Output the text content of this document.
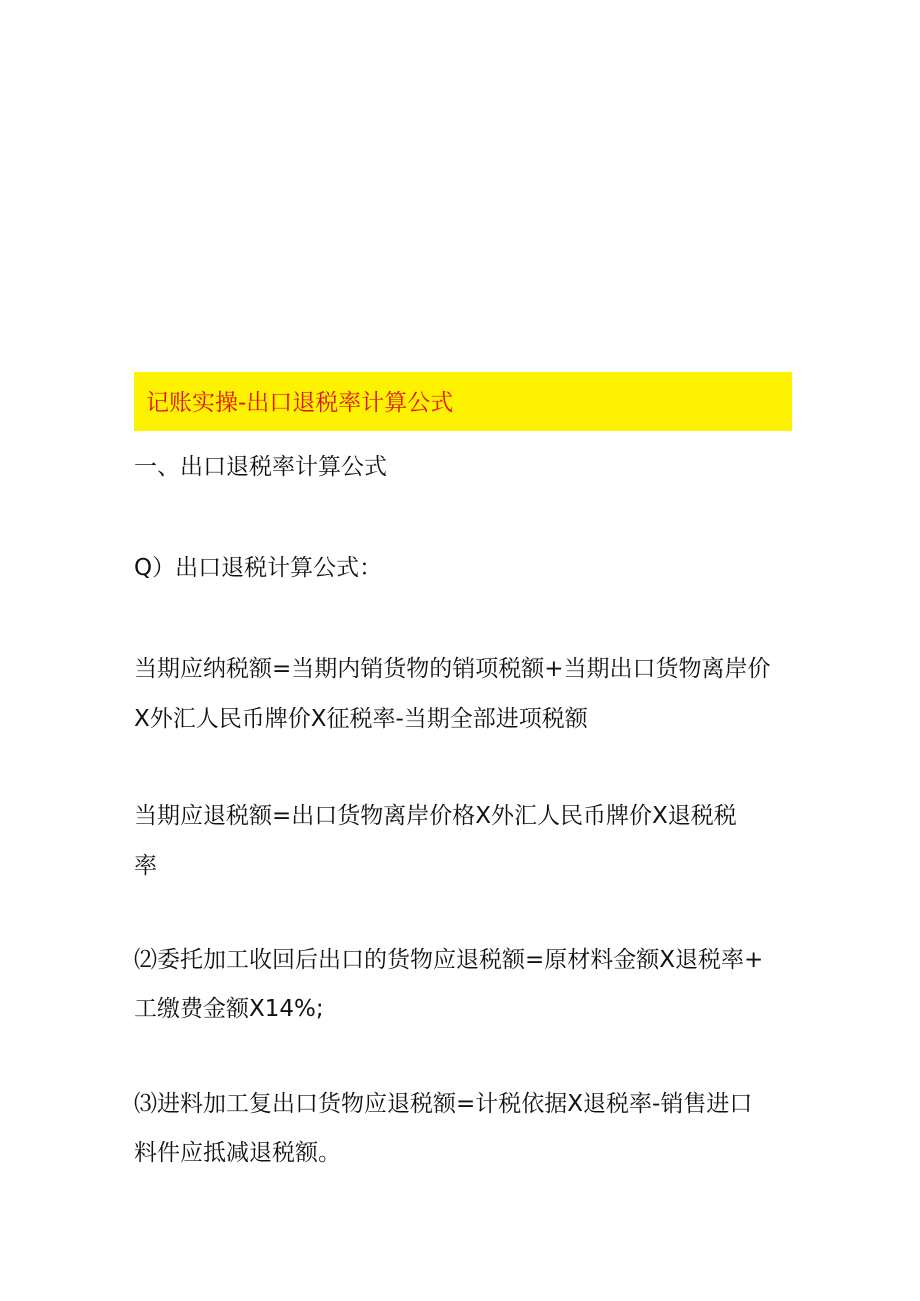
记账实操-出口退税率计算公式
一、出口退税率计算公式
Q）出口退税计算公式：
当期应纳税额=当期内销货物的销项税额+当期出口货物离岸价
X外汇人民币牌价X征税率-当期全部进项税额
当期应退税额=出口货物离岸价格X外汇人民币牌价X退税税
率
⑵委托加工收回后出口的货物应退税额=原材料金额X退税率+
工缴费金额X14%;
⑶进料加工复出口货物应退税额=计税依据X退税率-销售进口
料件应抵减退税额。
